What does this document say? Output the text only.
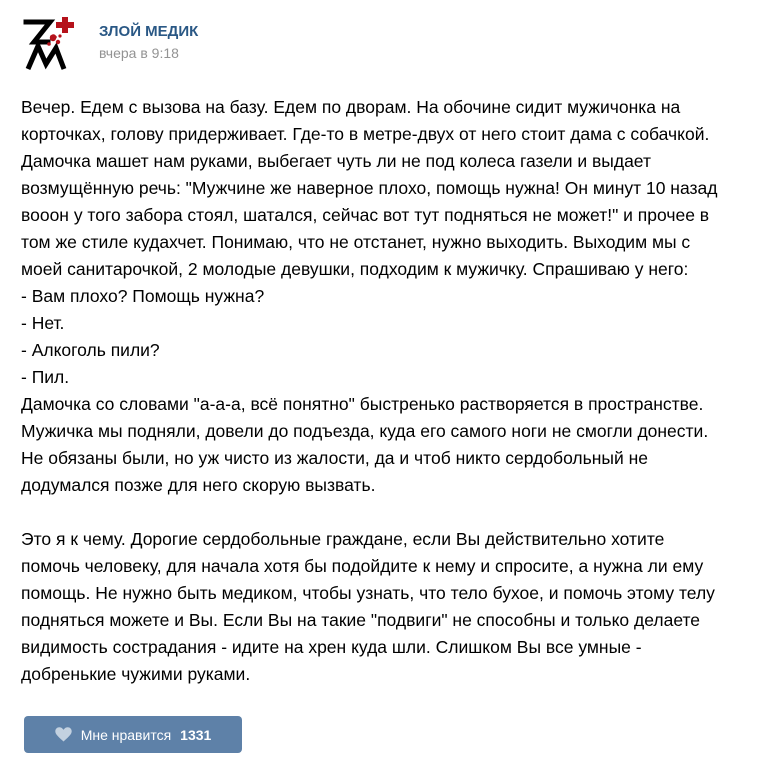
ЗЛОЙ МЕДИК
вчера в 9:18
Вечер. Едем с вызова на базу. Едем по дворам. На обочине сидит мужичонка на
корточках, голову придерживает. Где-то в метре-двух от него стоит дама с собачкой.
Дамочка машет нам руками, выбегает чуть ли не под колеса газели и выдает
возмущённую речь: "Мужчине же наверное плохо, помощь нужна! Он минут 10 назад
вооон у того забора стоял, шатался, сейчас вот тут подняться не может!" и прочее в
том же стиле кудахчет. Понимаю, что не отстанет, нужно выходить. Выходим мы с
моей санитарочкой, 2 молодые девушки, подходим к мужичку. Спрашиваю у него:
- Вам плохо? Помощь нужна?
- Нет.
- Алкоголь пили?
- Пил.
Дамочка со словами "а-а-а, всё понятно" быстренько растворяется в пространстве.
Мужичка мы подняли, довели до подъезда, куда его самого ноги не смогли донести.
Не обязаны были, но уж чисто из жалости, да и чтоб никто сердобольный не
додумался позже для него скорую вызвать.
Это я к чему. Дорогие сердобольные граждане, если Вы действительно хотите
помочь человеку, для начала хотя бы подойдите к нему и спросите, а нужна ли ему
помощь. Не нужно быть медиком, чтобы узнать, что тело бухое, и помочь этому телу
подняться можете и Вы. Если Вы на такие "подвиги" не способны и только делаете
видимость сострадания - идите на хрен куда шли. Слишком Вы все умные -
добренькие чужими руками.
Мне нравится 1331
